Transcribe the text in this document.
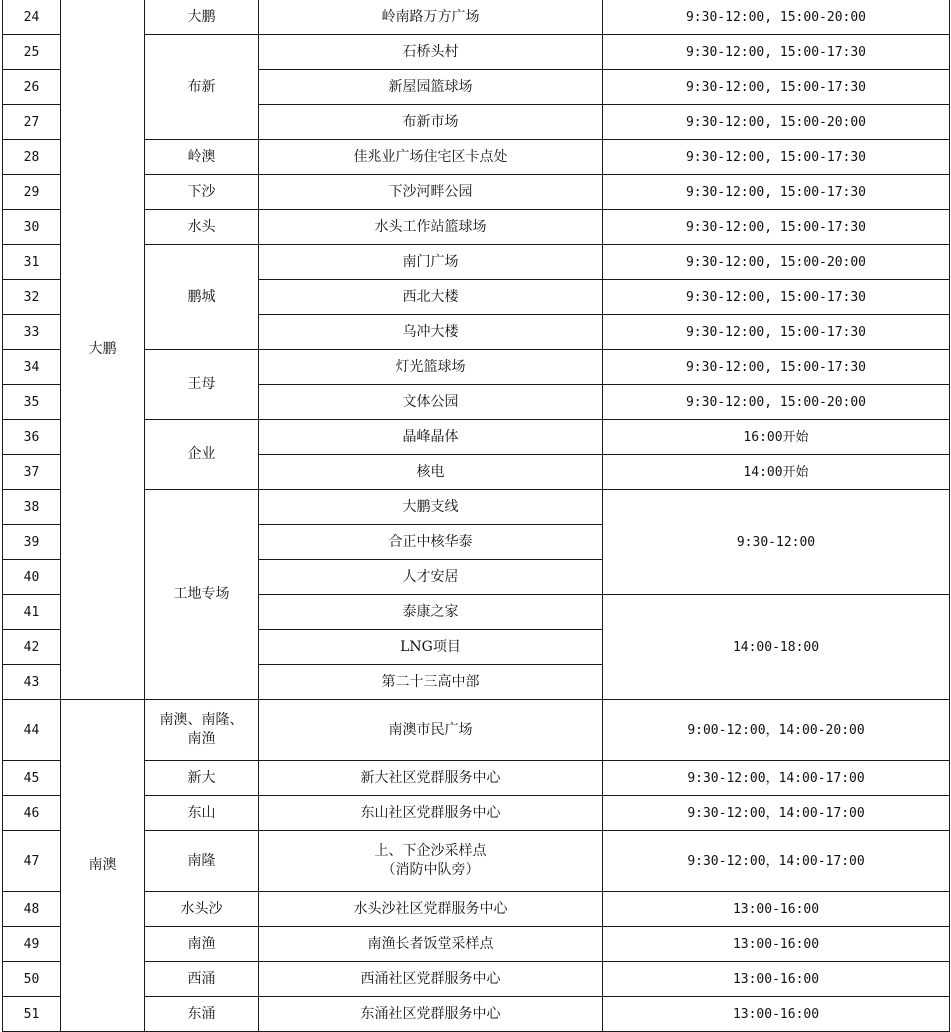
24	大鹏	大鹏	岭南路万方广场	9:30-12:00, 15:00-20:00
25		布新	石桥头村	9:30-12:00, 15:00-17:30
26			新屋园篮球场	9:30-12:00, 15:00-17:30
27			布新市场	9:30-12:00, 15:00-20:00
28		岭澳	佳兆业广场住宅区卡点处	9:30-12:00, 15:00-17:30
29		下沙	下沙河畔公园	9:30-12:00, 15:00-17:30
30		水头	水头工作站篮球场	9:30-12:00, 15:00-17:30
31		鹏城	南门广场	9:30-12:00, 15:00-20:00
32			西北大楼	9:30-12:00, 15:00-17:30
33			乌冲大楼	9:30-12:00, 15:00-17:30
34		王母	灯光篮球场	9:30-12:00, 15:00-17:30
35			文体公园	9:30-12:00, 15:00-20:00
36		企业	晶峰晶体	16:00开始
37			核电	14:00开始
38		工地专场	大鹏支线	9:30-12:00
39			合正中核华泰	
40			人才安居	
41			泰康之家	14:00-18:00
42			LNG项目	
43			第二十三高中部	
44	南澳	南澳、南隆、
南渔	南澳市民广场	9:00-12:00，14:00-20:00
45		新大	新大社区党群服务中心	9:30-12:00，14:00-17:00
46		东山	东山社区党群服务中心	9:30-12:00，14:00-17:00
47		南隆	上、下企沙采样点
（消防中队旁）	9:30-12:00，14:00-17:00
48		水头沙	水头沙社区党群服务中心	13:00-16:00
49		南渔	南渔长者饭堂采样点	13:00-16:00
50		西涌	西涌社区党群服务中心	13:00-16:00
51		东涌	东涌社区党群服务中心	13:00-16:00
